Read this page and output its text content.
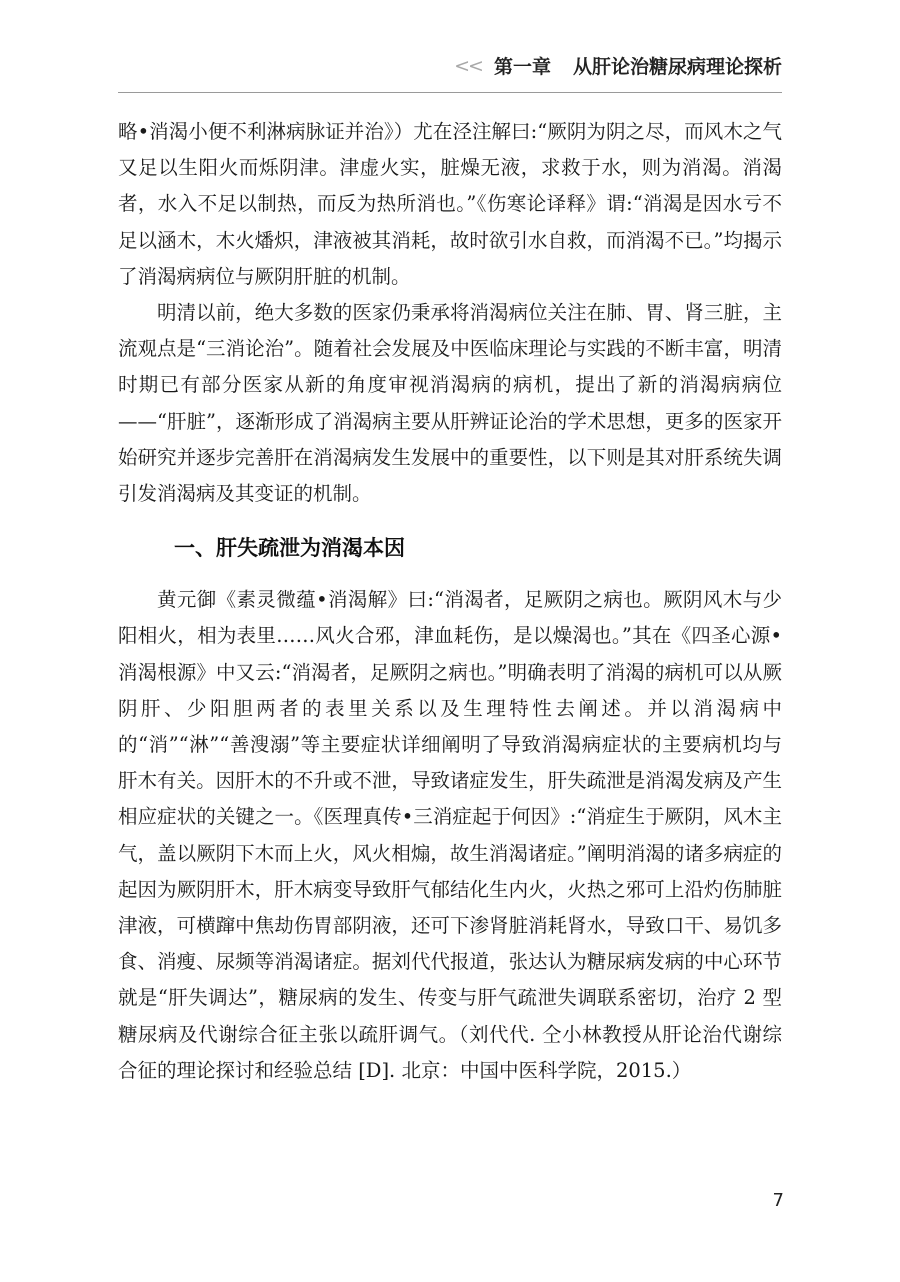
<< 第一章 从肝论治糖尿病理论探析

略•消渴小便不利淋病脉证并治》）尤在泾注解曰:“厥阴为阴之尽，而风木之气又足以生阳火而烁阴津。津虚火实，脏燥无液，求救于水，则为消渴。消渴者，水入不足以制热，而反为热所消也。”《伤寒论译释》谓:“消渴是因水亏不足以涵木，木火燔炽，津液被其消耗，故时欲引水自救，而消渴不已。”均揭示了消渴病病位与厥阴肝脏的机制。

明清以前，绝大多数的医家仍秉承将消渴病位关注在肺、胃、肾三脏，主流观点是“三消论治”。随着社会发展及中医临床理论与实践的不断丰富，明清时期已有部分医家从新的角度审视消渴病的病机，提出了新的消渴病病位——“肝脏”，逐渐形成了消渴病主要从肝辨证论治的学术思想，更多的医家开始研究并逐步完善肝在消渴病发生发展中的重要性，以下则是其对肝系统失调引发消渴病及其变证的机制。

一、肝失疏泄为消渴本因

黄元御《素灵微蕴•消渴解》曰:“消渴者，足厥阴之病也。厥阴风木与少阳相火，相为表里……风火合邪，津血耗伤，是以燥渴也。”其在《四圣心源•消渴根源》中又云:“消渴者，足厥阴之病也。”明确表明了消渴的病机可以从厥阴肝、少阳胆两者的表里关系以及生理特性去阐述。并以消渴病中的“消”“淋”“善溲溺”等主要症状详细阐明了导致消渴病症状的主要病机均与肝木有关。因肝木的不升或不泄，导致诸症发生，肝失疏泄是消渴发病及产生相应症状的关键之一。《医理真传•三消症起于何因》:“消症生于厥阴，风木主气，盖以厥阴下木而上火，风火相煽，故生消渴诸症。”阐明消渴的诸多病症的起因为厥阴肝木，肝木病变导致肝气郁结化生内火，火热之邪可上沿灼伤肺脏津液，可横蹿中焦劫伤胃部阴液，还可下渗肾脏消耗肾水，导致口干、易饥多食、消瘦、尿频等消渴诸症。据刘代代报道，张达认为糖尿病发病的中心环节就是“肝失调达”，糖尿病的发生、传变与肝气疏泄失调联系密切，治疗 2 型糖尿病及代谢综合征主张以疏肝调气。（刘代代. 仝小林教授从肝论治代谢综合征的理论探讨和经验总结 [D]. 北京：中国中医科学院，2015.）

7
